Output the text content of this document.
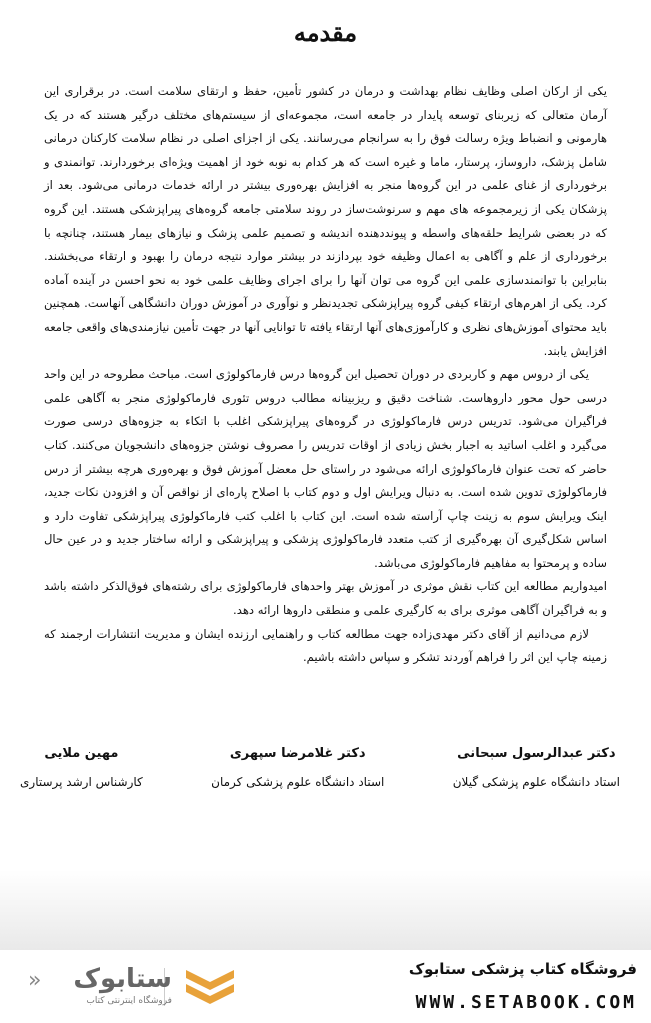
مقدمه

یکی از ارکان اصلی وظایف نظام بهداشت و درمان در کشور تأمین، حفظ و ارتقای سلامت است. در برقراری این آرمان متعالی که زیربنای توسعه پایدار در جامعه است، مجموعه‌ای از سیستم‌های مختلف درگیر هستند که در یک هارمونی و انضباط ویژه رسالت فوق را به سرانجام می‌رسانند. یکی از اجزای اصلی در نظام سلامت کارکنان درمانی شامل پزشک، داروساز، پرستار، ماما و غیره است که هر کدام به نوبه خود از اهمیت ویژه‌ای برخوردارند. توانمندی و برخورداری از غنای علمی در این گروه‌ها منجر به افزایش بهره‌وری بیشتر در ارائه خدمات درمانی می‌شود. بعد از پزشکان یکی از زیرمجموعه های مهم و سرنوشت‌ساز در روند سلامتی جامعه گروه‌های پیراپزشکی هستند. این گروه که در بعضی شرایط حلقه‌های واسطه و پیونددهنده اندیشه و تصمیم علمی پزشک و نیازهای بیمار هستند، چنانچه با برخورداری از علم و آگاهی به اعمال وظیفه خود بپردازند در بیشتر موارد نتیجه درمان را بهبود و ارتقاء می‌بخشند. بنابراین با توانمندسازی علمی این گروه می توان آنها را برای اجرای وظایف علمی خود به نحو احسن در آینده آماده کرد. یکی از اهرم‌های ارتقاء کیفی گروه پیراپزشکی تجدیدنظر و نوآوری در آموزش دوران دانشگاهی آنهاست. همچنین باید محتوای آموزش‌های نظری و کارآموزی‌های آنها ارتقاء یافته تا توانایی آنها در جهت تأمین نیازمندی‌های واقعی جامعه افزایش یابند.

یکی از دروس مهم و کاربردی در دوران تحصیل این گروه‌ها درس فارماکولوژی است. مباحث مطروحه در این واحد درسی حول محور داروهاست. شناخت دقیق و ریزبینانه مطالب دروس تئوری فارماکولوژی منجر به آگاهی علمی فراگیران می‌شود. تدریس درس فارماکولوژی در گروه‌های پیراپزشکی اغلب با اتکاء به جزوه‌های درسی صورت می‌گیرد و اغلب اساتید به اجبار بخش زیادی از اوقات تدریس را مصروف نوشتن جزوه‌های دانشجویان می‌کنند. کتاب حاضر که تحت عنوان فارماکولوژی ارائه می‌شود در راستای حل معضل آموزش فوق و بهره‌وری هرچه بیشتر از درس فارماکولوژی تدوین شده است. به دنبال ویرایش اول و دوم کتاب با اصلاح پاره‌ای از نواقص آن و افزودن نکات جدید، اینک ویرایش سوم به زینت چاپ آراسته شده است. این کتاب با اغلب کتب فارماکولوژی پیراپزشکی تفاوت دارد و اساس شکل‌گیری آن بهره‌گیری از کتب متعدد فارماکولوژی پزشکی و پیراپزشکی و ارائه ساختار جدید و در عین حال ساده و پرمحتوا به مفاهیم فارماکولوژی می‌باشد.

امیدواریم مطالعه این کتاب نقش موثری در آموزش بهتر واحدهای فارماکولوژی برای رشته‌های فوق‌الذکر داشته باشد و به فراگیران آگاهی موثری برای به کارگیری علمی و منطقی داروها ارائه دهد.

لازم می‌دانیم از آقای دکتر مهدی‌زاده جهت مطالعه کتاب و راهنمایی ارزنده ایشان و مدیریت انتشارات ارجمند که زمینه چاپ این اثر را فراهم آوردند تشکر و سپاس داشته باشیم.

دکتر عبدالرسول سبحانی
استاد دانشگاه علوم پزشکی گیلان
دکتر غلامرضا سپهری
استاد دانشگاه علوم پزشکی کرمان
مهین ملایی
کارشناس ارشد پرستاری
فروشگاه کتاب پزشکی ستابوک
WWW.SETABOOK.COM
ستابوک
فروشگاه اینترنتی کتاب
«
